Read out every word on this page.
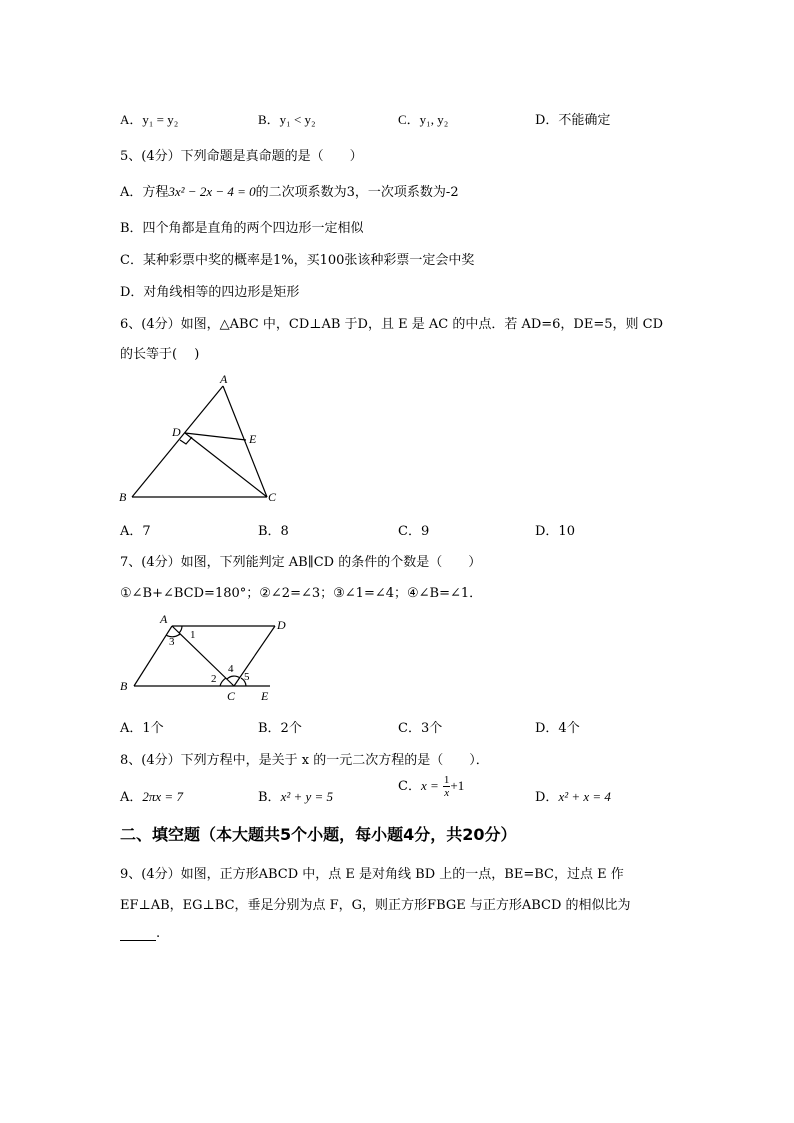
A．y₁ = y₂	B．y₁ < y₂	C．y₁, y₂	D．不能确定
5、(4分）下列命题是真命题的是（　　）
A．方程3x² − 2x − 4 = 0的二次项系数为3，一次项系数为-2
B．四个角都是直角的两个四边形一定相似
C．某种彩票中奖的概率是1%，买100张该种彩票一定会中奖
D．对角线相等的四边形是矩形
6、(4分）如图，△ABC 中，CD⊥AB 于D，且 E 是 AC 的中点．若 AD=6，DE=5，则 CD
的长等于(　 )
A
D	E
B	C
A．7	B．8	C．9	D．10
7、(4分）如图，下列能判定 AB∥CD 的条件的个数是（　　）
①∠B+∠BCD=180°；②∠2=∠3；③∠1=∠4；④∠B=∠1．
A	D
B
C E
1
3
2
4
5
A．1个	B．2个	C．3个	D．4个
8、(4分）下列方程中，是关于 x 的一元二次方程的是（　　）．
A．2πx = 7	B．x² + y = 5
C．$x = \frac{1}{x} +1$
D．x² + x = 4
二、填空题（本大题共5个小题，每小题4分，共20分）
9、(4分）如图，正方形ABCD 中，点 E 是对角线 BD 上的一点，BE=BC，过点 E 作
EF⊥AB，EG⊥BC，垂足分别为点 F，G，则正方形FBGE 与正方形ABCD 的相似比为
.
